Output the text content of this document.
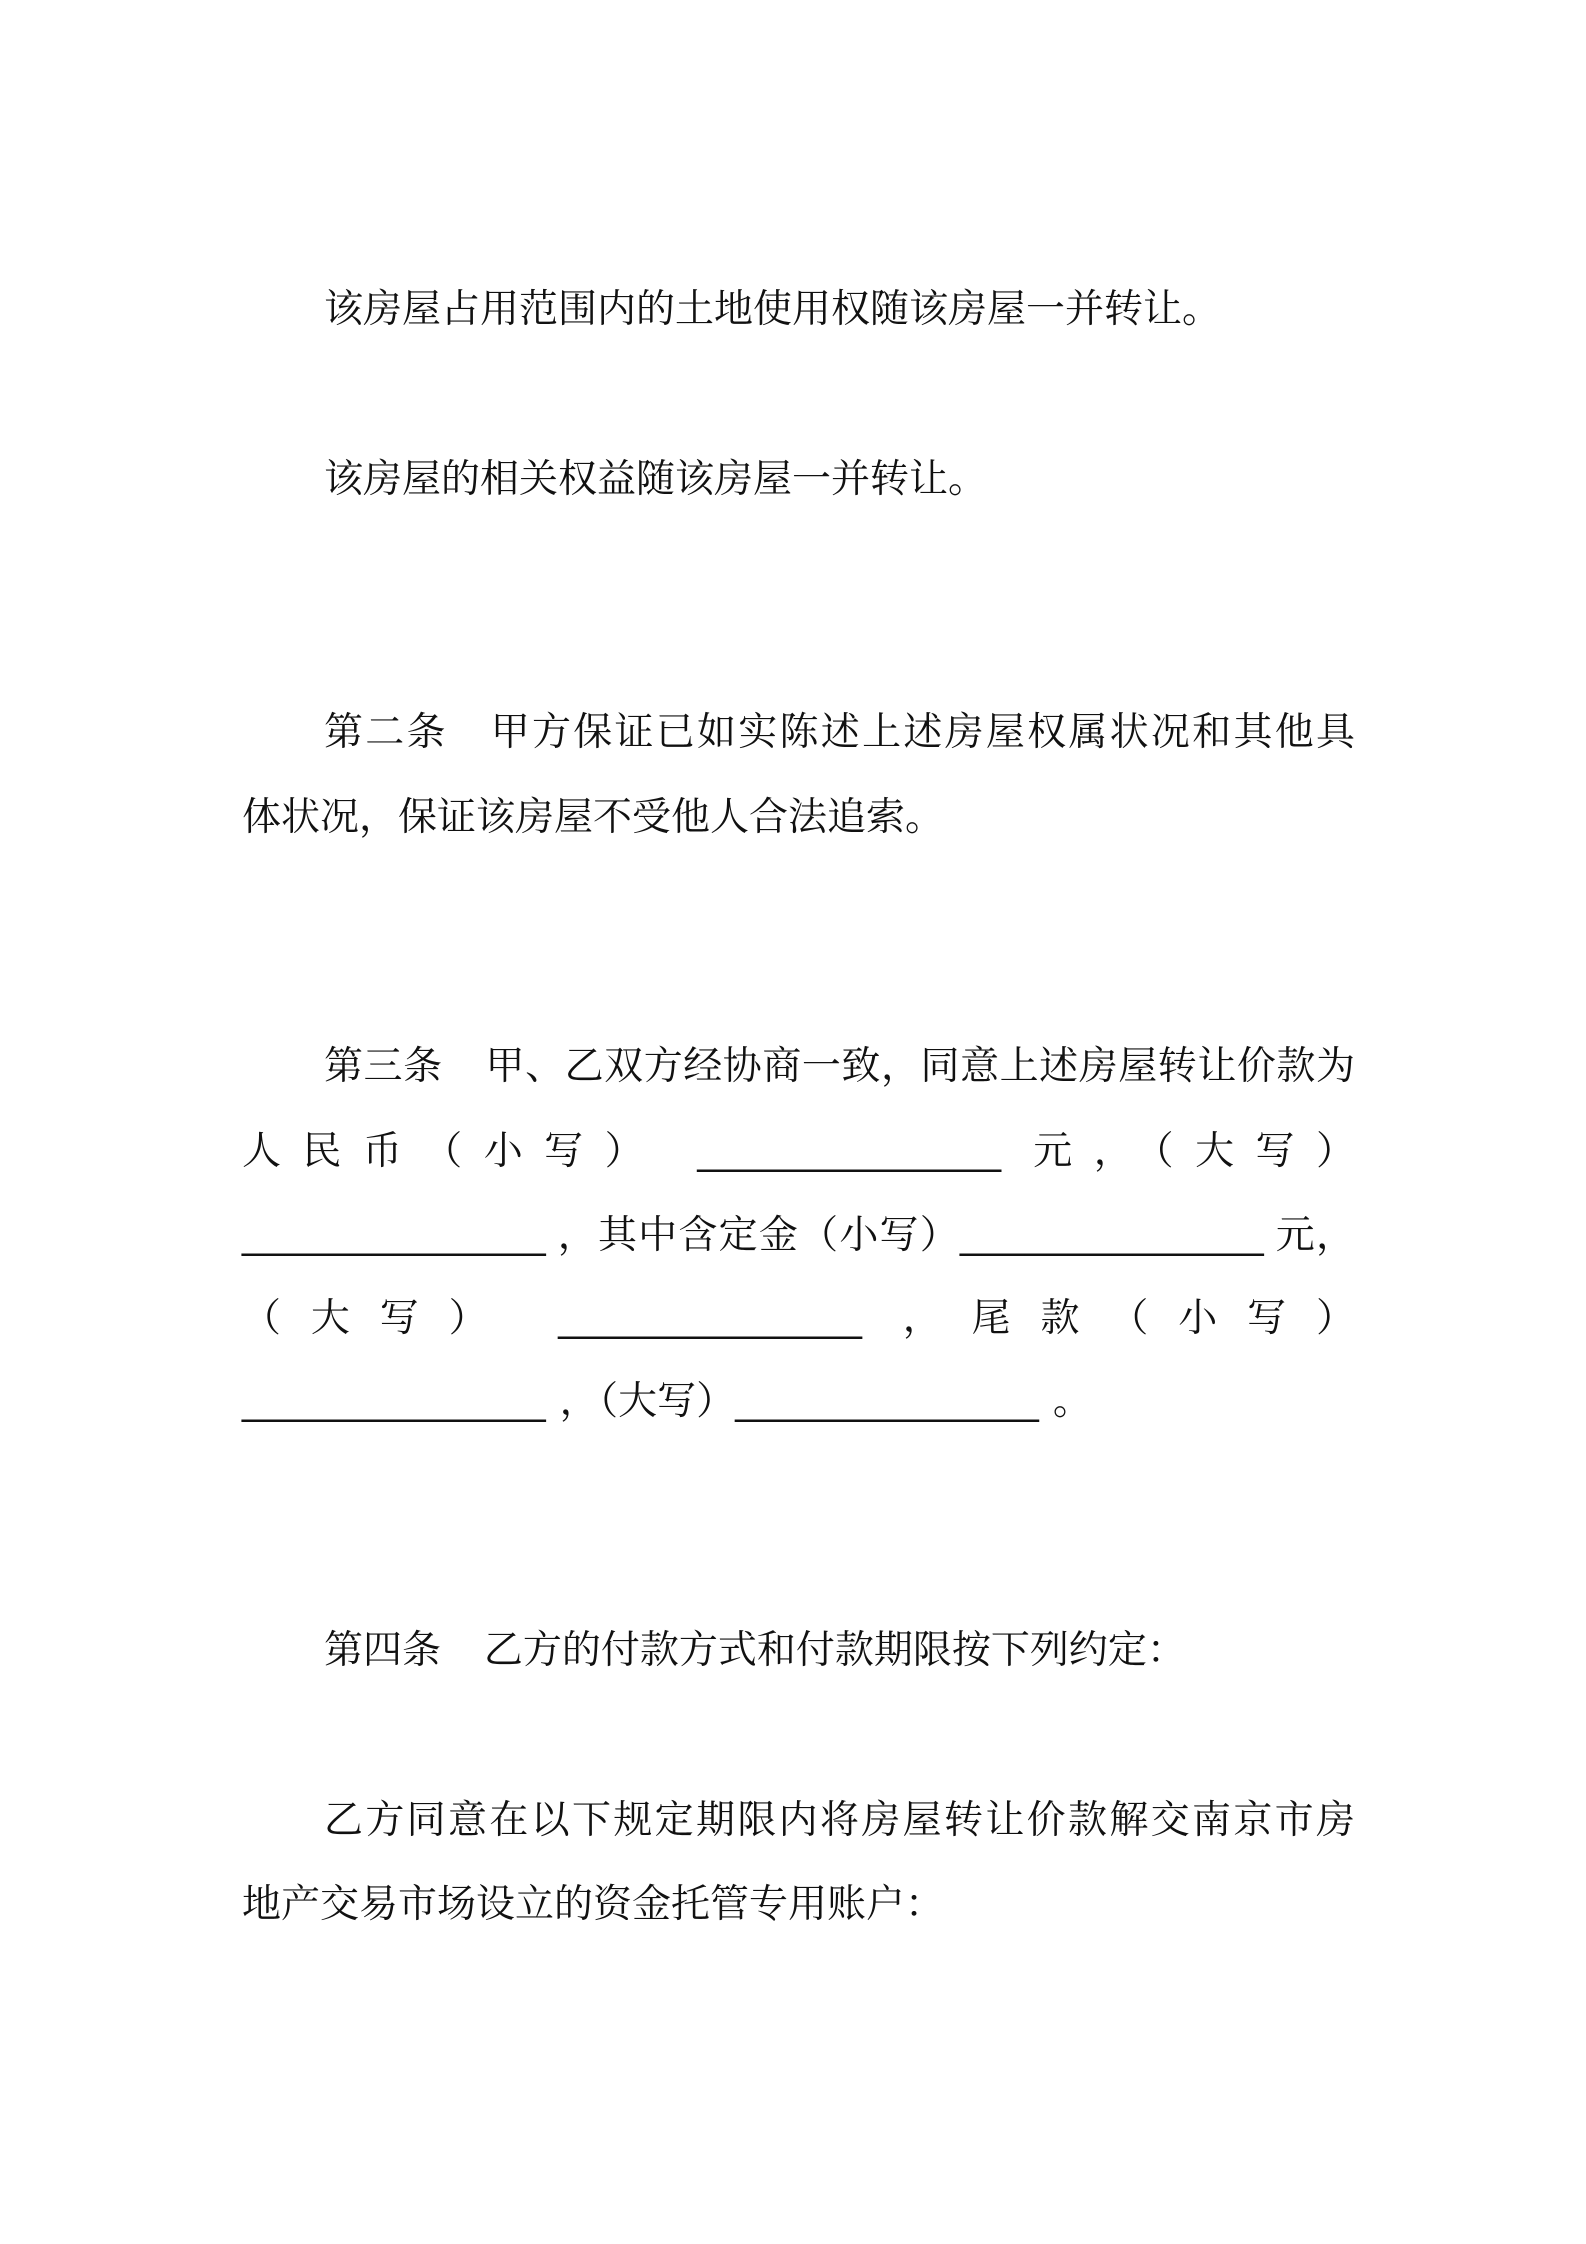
该房屋占用范围内的土地使用权随该房屋一并转让。
该房屋的相关权益随该房屋一并转让。
第二条 甲方保证已如实陈述上述房屋权属状况和其他具
体状况，保证该房屋不受他人合法追索。
第三条 甲、乙双方经协商一致，同意上述房屋转让价款为
人民币（小写） ______________ 元，（大写）
______________ ，其中含定金（小写）______________ 元，
（大写） ______________ ，尾款（小写）
______________ ，（大写）______________ 。
第四条 乙方的付款方式和付款期限按下列约定：
乙方同意在以下规定期限内将房屋转让价款解交南京市房
地产交易市场设立的资金托管专用账户：
